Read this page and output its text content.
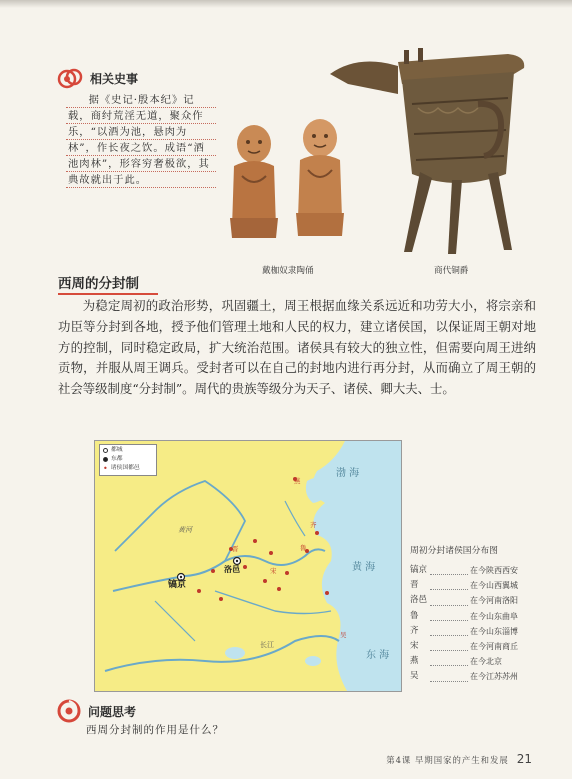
相关史事

据《史记·殷本纪》记载，商纣荒淫无道，聚众作乐，“以酒为池，悬肉为林”，作长夜之饮。成语“酒池肉林”，形容穷奢极欲，其典故就出于此。

戴枷奴隶陶俑	商代铜爵
西周的分封制

为稳定周初的政治形势，巩固疆土，周王根据血缘关系远近和功劳大小，将宗亲和功臣等分封到各地，授予他们管理土地和人民的权力，建立诸侯国，以保证周王朝对地方的控制，同时稳定政局，扩大统治范围。诸侯具有较大的独立性，但需要向周王进纳贡物，并服从周王调兵。受封者可以在自己的封地内进行再分封，从而确立了周王朝的社会等级制度“分封制”。周代的贵族等级分为天子、诸侯、卿大夫、士。

都城
东都
• 诸侯国都邑
镐京
洛邑
燕
晋
齐
鲁
宋
吴
渤 海
黄 海
东 海
黄河
长江
周初分封诸侯国分布图
镐京	在今陕西西安
晋	在今山西翼城
洛邑	在今河南洛阳
鲁	在今山东曲阜
齐	在今山东淄博
宋	在今河南商丘
燕	在今北京
吴	在今江苏苏州
问题思考
西周分封制的作用是什么？
第4课 早期国家的产生和发展 21
